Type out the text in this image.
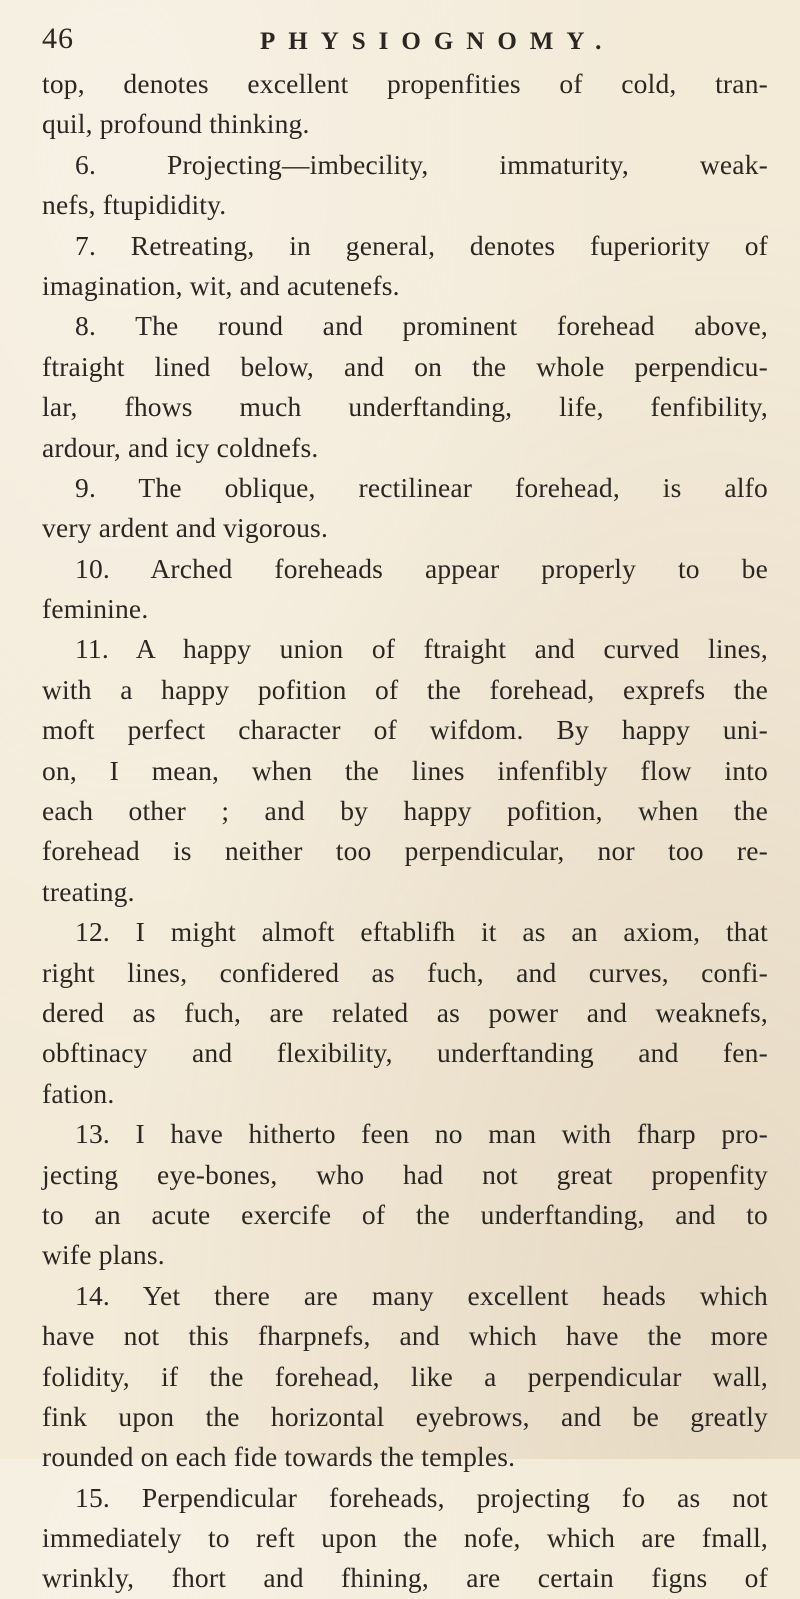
46	PHYSIOGNOMY.
top, denotes excellent propenfities of cold, tran-
quil, profound thinking.
6. Projecting—imbecility, immaturity, weak-
nefs, ftupididity.
7. Retreating, in general, denotes fuperiority of
imagination, wit, and acutenefs.
8. The round and prominent forehead above,
ftraight lined below, and on the whole perpendicu-
lar, fhows much underftanding, life, fenfibility,
ardour, and icy coldnefs.
9. The oblique, rectilinear forehead, is alfo
very ardent and vigorous.
10. Arched foreheads appear properly to be
feminine.
11. A happy union of ftraight and curved lines,
with a happy pofition of the forehead, exprefs the
moft perfect character of wifdom. By happy uni-
on, I mean, when the lines infenfibly flow into
each other ; and by happy pofition, when the
forehead is neither too perpendicular, nor too re-
treating.
12. I might almoft eftablifh it as an axiom, that
right lines, confidered as fuch, and curves, confi-
dered as fuch, are related as power and weaknefs,
obftinacy and flexibility, underftanding and fen-
fation.
13. I have hitherto feen no man with fharp pro-
jecting eye-bones, who had not great propenfity
to an acute exercife of the underftanding, and to
wife plans.
14. Yet there are many excellent heads which
have not this fharpnefs, and which have the more
folidity, if the forehead, like a perpendicular wall,
fink upon the horizontal eyebrows, and be greatly
rounded on each fide towards the temples.
15. Perpendicular foreheads, projecting fo as not
immediately to reft upon the nofe, which are fmall,
wrinkly, fhort and fhining, are certain figns of
